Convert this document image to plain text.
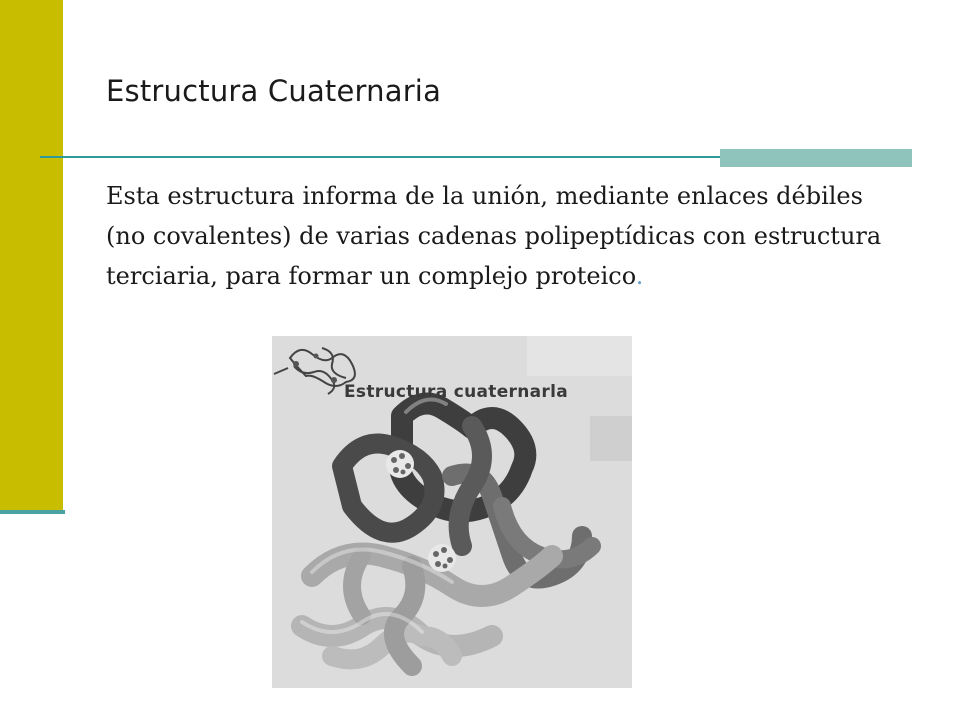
Estructura Cuaternaria
Esta estructura informa de la unión, mediante enlaces débiles (no covalentes) de varias cadenas polipeptídicas con estructura terciaria, para formar un complejo proteico.
Estructura cuaternarla
